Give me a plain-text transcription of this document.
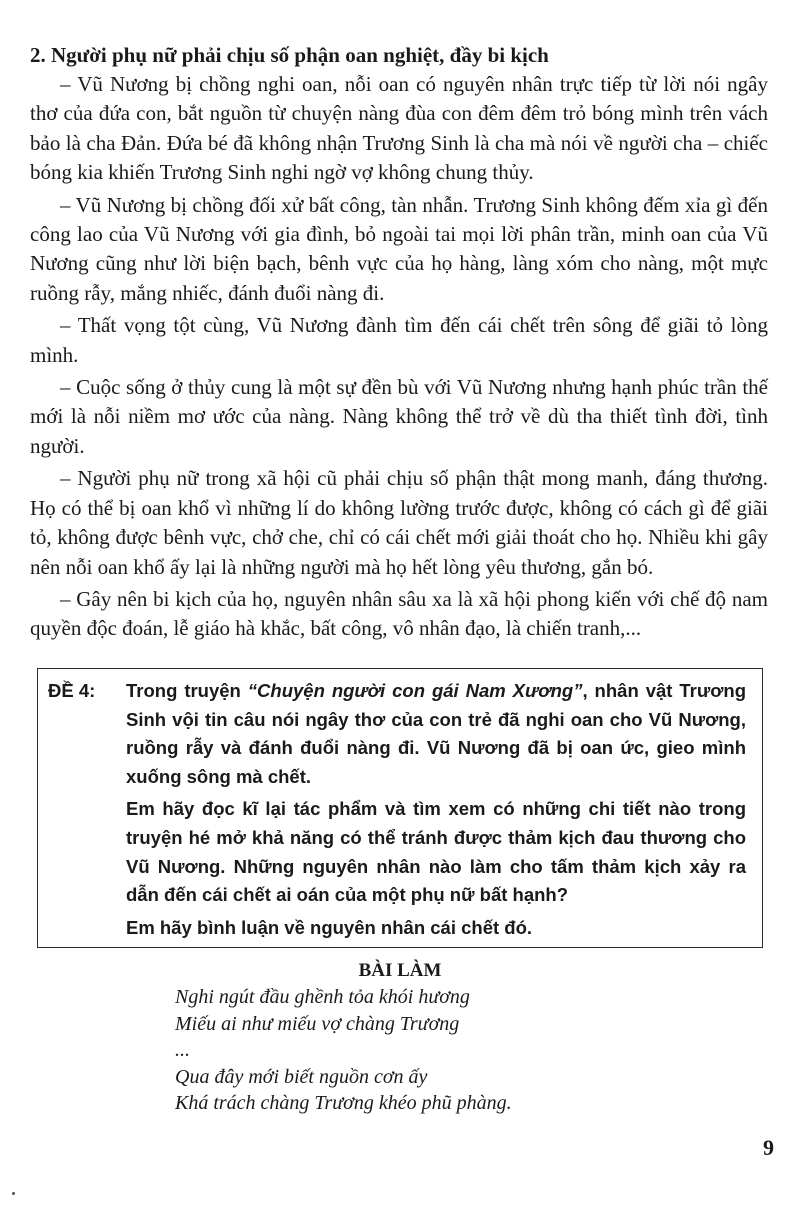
2. Người phụ nữ phải chịu số phận oan nghiệt, đầy bi kịch

– Vũ Nương bị chồng nghi oan, nỗi oan có nguyên nhân trực tiếp từ lời nói ngây thơ của đứa con, bắt nguồn từ chuyện nàng đùa con đêm đêm trỏ bóng mình trên vách bảo là cha Đản. Đứa bé đã không nhận Trương Sinh là cha mà nói về người cha – chiếc bóng kia khiến Trương Sinh nghi ngờ vợ không chung thủy.

– Vũ Nương bị chồng đối xử bất công, tàn nhẫn. Trương Sinh không đếm xỉa gì đến công lao của Vũ Nương với gia đình, bỏ ngoài tai mọi lời phân trần, minh oan của Vũ Nương cũng như lời biện bạch, bênh vực của họ hàng, làng xóm cho nàng, một mực ruồng rẫy, mắng nhiếc, đánh đuổi nàng đi.

– Thất vọng tột cùng, Vũ Nương đành tìm đến cái chết trên sông để giãi tỏ lòng mình.

– Cuộc sống ở thủy cung là một sự đền bù với Vũ Nương nhưng hạnh phúc trần thế mới là nỗi niềm mơ ước của nàng. Nàng không thể trở về dù tha thiết tình đời, tình người.

– Người phụ nữ trong xã hội cũ phải chịu số phận thật mong manh, đáng thương. Họ có thể bị oan khổ vì những lí do không lường trước được, không có cách gì để giãi tỏ, không được bênh vực, chở che, chỉ có cái chết mới giải thoát cho họ. Nhiều khi gây nên nỗi oan khổ ấy lại là những người mà họ hết lòng yêu thương, gắn bó.

– Gây nên bi kịch của họ, nguyên nhân sâu xa là xã hội phong kiến với chế độ nam quyền độc đoán, lễ giáo hà khắc, bất công, vô nhân đạo, là chiến tranh,...

ĐỀ 4:	Trong truyện “Chuyện người con gái Nam Xương”, nhân vật Trương Sinh vội tin câu nói ngây thơ của con trẻ đã nghi oan cho Vũ Nương, ruồng rẫy và đánh đuổi nàng đi. Vũ Nương đã bị oan ức, gieo mình xuống sông mà chết.

Em hãy đọc kĩ lại tác phẩm và tìm xem có những chi tiết nào trong truyện hé mở khả năng có thể tránh được thảm kịch đau thương cho Vũ Nương. Những nguyên nhân nào làm cho tấm thảm kịch xảy ra dẫn đến cái chết ai oán của một phụ nữ bất hạnh?

Em hãy bình luận về nguyên nhân cái chết đó.

BÀI LÀM
Nghi ngút đầu ghềnh tỏa khói hương
Miếu ai như miếu vợ chàng Trương
...
Qua đây mới biết nguồn cơn ấy
Khá trách chàng Trương khéo phũ phàng.
9
